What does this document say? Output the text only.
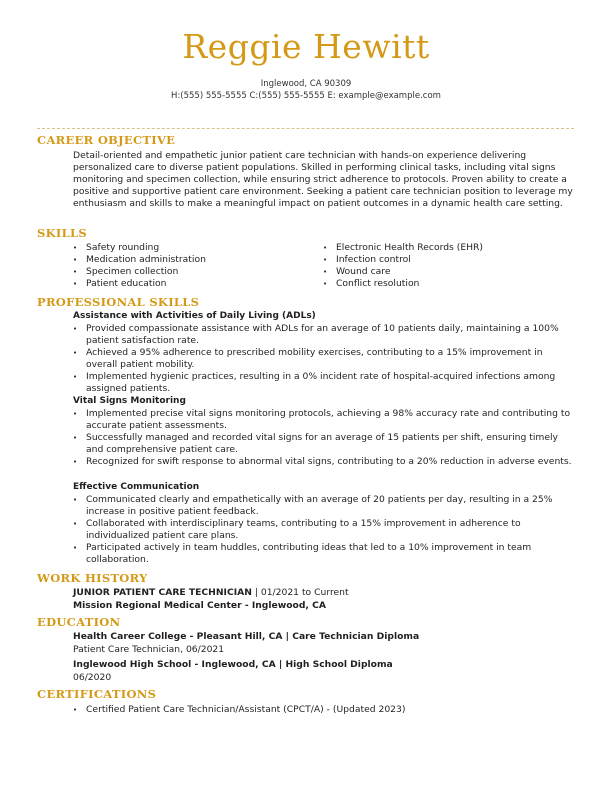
Reggie Hewitt
Inglewood, CA 90309
H:(555) 555-5555 C:(555) 555-5555 E: example@example.com
CAREER OBJECTIVE
Detail-oriented and empathetic junior patient care technician with hands-on experience delivering personalized care to diverse patient populations. Skilled in performing clinical tasks, including vital signs monitoring and specimen collection, while ensuring strict adherence to protocols. Proven ability to create a positive and supportive patient care environment. Seeking a patient care technician position to leverage my enthusiasm and skills to make a meaningful impact on patient outcomes in a dynamic health care setting.
SKILLS
• Safety rounding
• Medication administration
• Specimen collection
• Patient education
• Electronic Health Records (EHR)
• Infection control
• Wound care
• Conflict resolution
PROFESSIONAL SKILLS
Assistance with Activities of Daily Living (ADLs)
• Provided compassionate assistance with ADLs for an average of 10 patients daily, maintaining a 100% patient satisfaction rate.
• Achieved a 95% adherence to prescribed mobility exercises, contributing to a 15% improvement in overall patient mobility.
• Implemented hygienic practices, resulting in a 0% incident rate of hospital-acquired infections among assigned patients.
Vital Signs Monitoring
• Implemented precise vital signs monitoring protocols, achieving a 98% accuracy rate and contributing to accurate patient assessments.
• Successfully managed and recorded vital signs for an average of 15 patients per shift, ensuring timely and comprehensive patient care.
• Recognized for swift response to abnormal vital signs, contributing to a 20% reduction in adverse events.
Effective Communication
• Communicated clearly and empathetically with an average of 20 patients per day, resulting in a 25% increase in positive patient feedback.
• Collaborated with interdisciplinary teams, contributing to a 15% improvement in adherence to individualized patient care plans.
• Participated actively in team huddles, contributing ideas that led to a 10% improvement in team collaboration.
WORK HISTORY
JUNIOR PATIENT CARE TECHNICIAN | 01/2021 to Current
Mission Regional Medical Center - Inglewood, CA
EDUCATION
Health Career College - Pleasant Hill, CA | Care Technician Diploma
Patient Care Technician, 06/2021
Inglewood High School - Inglewood, CA | High School Diploma
06/2020
CERTIFICATIONS
• Certified Patient Care Technician/Assistant (CPCT/A) - (Updated 2023)
